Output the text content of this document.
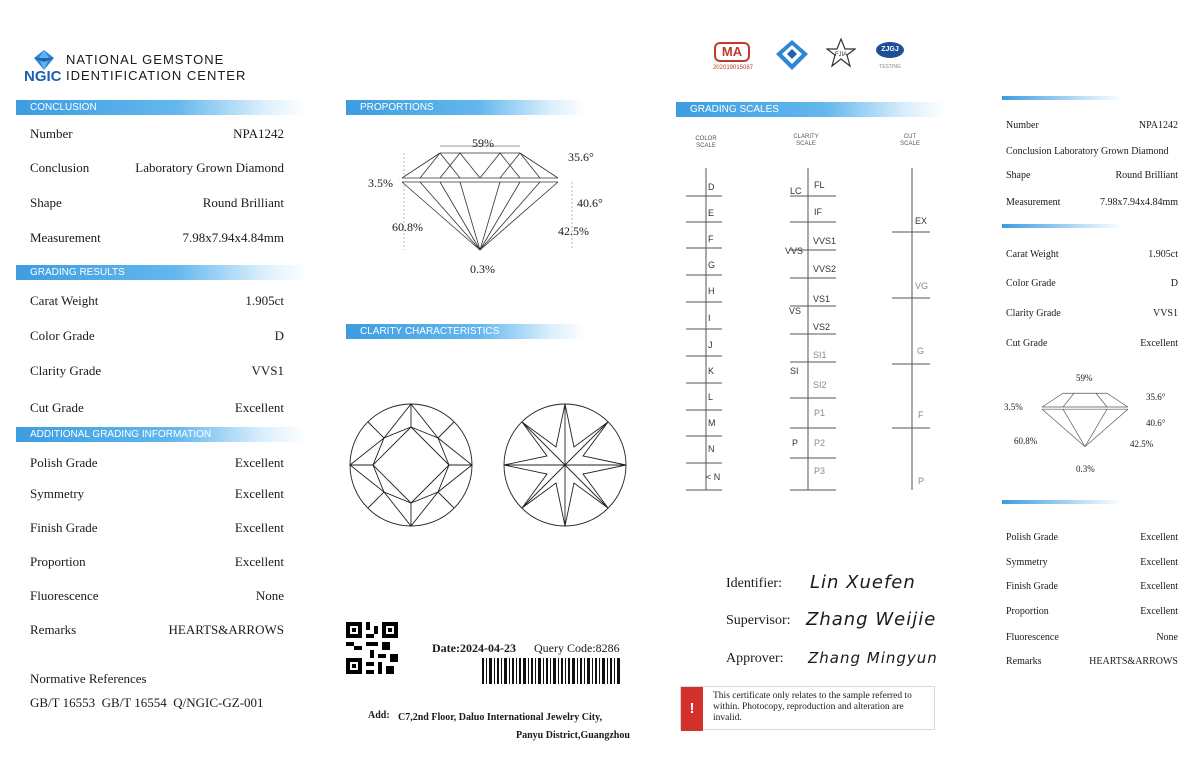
NGIC
NATIONAL GEMSTONE
IDENTIFICATION CENTER
MA
202019015087
FJIA
ZJGJ
TESTING
CONCLUSION
Number	NPA1242
Conclusion	Laboratory Grown Diamond
Shape	Round Brilliant
Measurement	7.98x7.94x4.84mm
GRADING RESULTS
Carat Weight	1.905ct
Color Grade	D
Clarity Grade	VVS1
Cut Grade	Excellent
ADDITIONAL GRADING INFORMATION
Polish Grade	Excellent
Symmetry	Excellent
Finish Grade	Excellent
Proportion	Excellent
Fluorescence	None
Remarks	HEARTS&ARROWS
Normative References
GB/T 16553  GB/T 16554  Q/NGIC-GZ-001
PROPORTIONS
59%
35.6°
3.5%
40.6°
60.8%	42.5%
0.3%
CLARITY CHARACTERISTICS
Date:2024-04-23 Query Code:8286
Add: C7,2nd Floor, Daluo International Jewelry City,
Panyu District,Guangzhou
GRADING SCALES
COLOR
SCALE
CLARITY
SCALE
CUT
SCALE
D
E
F
G
H
I
J
K
L
M
N
< N
LC
VVS
VS
SI
P
FL
IF
VVS1
VVS2
VS1
VS2
SI1
SI2
P1
P2
P3
EX
VG
G
F
P
Identifier: Lin Xuefen
Supervisor: Zhang Weijie
Approver: Zhang Mingyun
!
This certificate only relates to the sample referred to within. Photocopy, reproduction and alteration are invalid.
Number	NPA1242
Conclusion Laboratory Grown Diamond
Shape	Round Brilliant
Measurement	7.98x7.94x4.84mm
Carat Weight	1.905ct
Color Grade	D
Clarity Grade	VVS1
Cut Grade	Excellent
59%
35.6°
3.5%
40.6°
60.8%	42.5%
0.3%
Polish Grade	Excellent
Symmetry	Excellent
Finish Grade	Excellent
Proportion	Excellent
Fluorescence	None
Remarks	HEARTS&ARROWS
